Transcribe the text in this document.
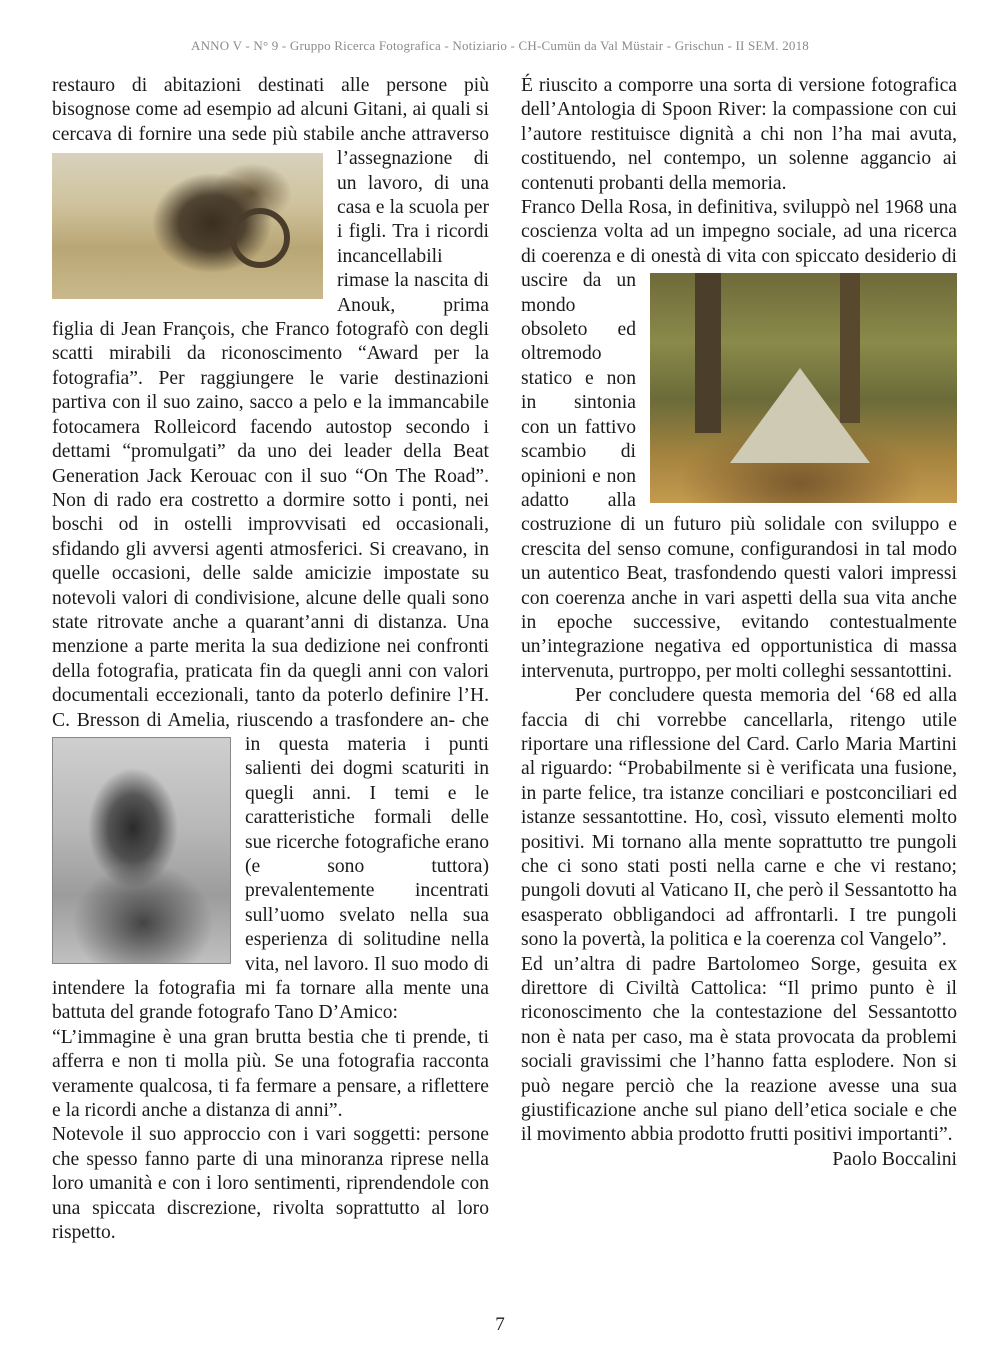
ANNO V - N° 9 - Gruppo Ricerca Fotografica - Notiziario - CH-Cumün da Val Müstair - Grischun - II SEM. 2018

restauro di abitazioni destinati alle persone più bisognose come ad esempio ad alcuni Gitani, ai quali si cercava di fornire una sede più stabile anche attraverso l’assegnazione di un lavoro, di una casa e la scuola per i figli. Tra i ricordi incancellabili rimase la nascita di Anouk, prima figlia di Jean François, che Franco fotografò con degli scatti mirabili da riconoscimento “Award per la fotografia”. Per raggiungere le varie destinazioni partiva con il suo zaino, sacco a pelo e la immancabile fotocamera Rolleicord facendo autostop secondo i dettami “promulgati” da uno dei leader della Beat Generation Jack Kerouac con il suo “On The Road”. Non di rado era costretto a dormire sotto i ponti, nei boschi od in ostelli improvvisati ed occasionali, sfidando gli avversi agenti atmosferici. Si creavano, in quelle occasioni, delle salde amicizie impostate su notevoli valori di condivisione, alcune delle quali sono state ritrovate anche a quarant’anni di distanza. Una menzione a parte merita la sua dedizione nei confronti della fotografia, praticata fin da quegli anni con valori documentali eccezionali, tanto da poterlo definire l’H. C. Bresson di Amelia, riuscendo a trasfondere an- che in questa materia i punti salienti dei dogmi scaturiti in quegli anni. I temi e le caratteristiche formali delle sue ricerche fotografiche erano (e sono tuttora) prevalentemente incentrati sull’uomo svelato nella sua esperienza di solitudine nella vita, nel lavoro. Il suo modo di intendere la fotografia mi fa tornare alla mente una battuta del grande fotografo Tano D’Amico:

“L’immagine è una gran brutta bestia che ti prende, ti afferra e non ti molla più. Se una fotografia racconta veramente qualcosa, ti fa fermare a pensare, a riflettere e la ricordi anche a distanza di anni”.

Notevole il suo approccio con i vari soggetti: persone che spesso fanno parte di una minoranza riprese nella loro umanità e con i loro sentimenti, riprendendole con una spiccata discrezione, rivolta soprattutto al loro rispetto.

É riuscito a comporre una sorta di versione fotografica dell’Antologia di Spoon River: la compassione con cui l’autore restituisce dignità a chi non l’ha mai avuta, costituendo, nel contempo, un solenne aggancio ai contenuti probanti della memoria.

Franco Della Rosa, in definitiva, sviluppò nel 1968 una coscienza volta ad un impegno sociale, ad una ricerca di coerenza e di onestà di vita con spiccato desiderio di uscire da un mondo obsoleto ed oltremodo statico e non in sintonia con un fattivo scambio di opinioni e non adatto alla costruzione di un futuro più solidale con sviluppo e crescita del senso comune, configurandosi in tal modo un autentico Beat, trasfondendo questi valori impressi con coerenza anche in vari aspetti della sua vita anche in epoche successive, evitando contestualmente un’integrazione negativa ed opportunistica di massa intervenuta, purtroppo, per molti colleghi sessantottini.

Per concludere questa memoria del ‘68 ed alla faccia di chi vorrebbe cancellarla, ritengo utile riportare una riflessione del Card. Carlo Maria Martini al riguardo: “Probabilmente si è verificata una fusione, in parte felice, tra istanze conciliari e postconciliari ed istanze sessantottine. Ho, così, vissuto elementi molto positivi. Mi tornano alla mente soprattutto tre pungoli che ci sono stati posti nella carne e che vi restano; pungoli dovuti al Vaticano II, che però il Sessantotto ha esasperato obbligandoci ad affrontarli. I tre pungoli sono la povertà, la politica e la coerenza col Vangelo”.

Ed un’altra di padre Bartolomeo Sorge, gesuita ex direttore di Civiltà Cattolica: “Il primo punto è il riconoscimento che la contestazione del Sessantotto non è nata per caso, ma è stata provocata da problemi sociali gravissimi che l’hanno fatta esplodere. Non si può negare perciò che la reazione avesse una sua giustificazione anche sul piano dell’etica sociale e che il movimento abbia prodotto frutti positivi importanti”.

Paolo Boccalini

7
